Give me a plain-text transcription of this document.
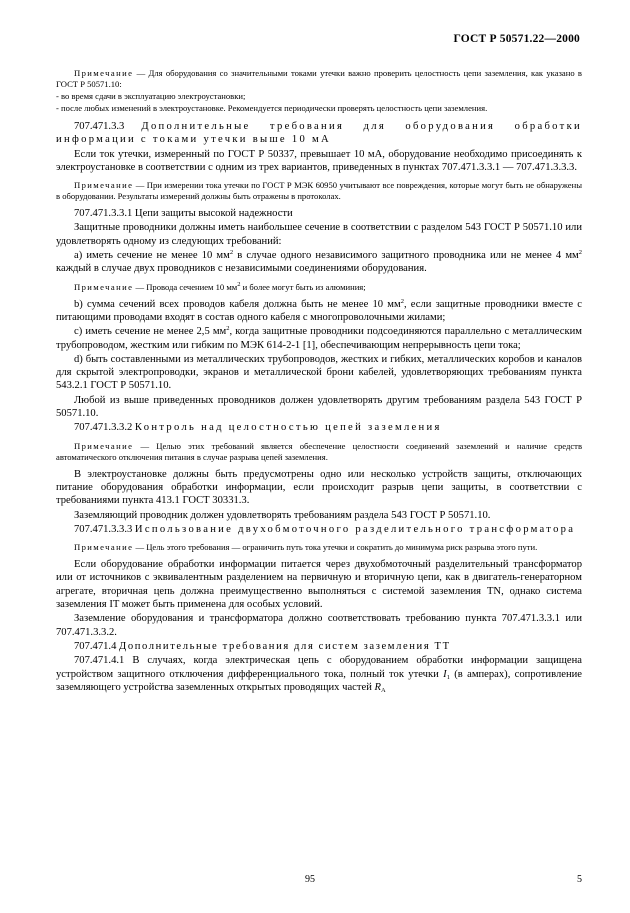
ГОСТ Р 50571.22—2000

Примечание — Для оборудования со значительными токами утечки важно проверить целостность цепи заземления, как указано в ГОСТ Р 50571.10:

- во время сдачи в эксплуатацию электроустановки;

- после любых изменений в электроустановке. Рекомендуется периодически проверять целостность цепи заземления.

707.471.3.3 Дополнительные требования для оборудования обработки информации с токами утечки выше 10 мА

Если ток утечки, измеренный по ГОСТ Р 50337, превышает 10 мА, оборудование необходимо присоединять к электроустановке в соответствии с одним из трех вариантов, приведенных в пунктах 707.471.3.3.1 — 707.471.3.3.3.

Примечание — При измерении тока утечки по ГОСТ Р МЭК 60950 учитывают все повреждения, которые могут быть не обнаружены в оборудовании. Результаты измерений должны быть отражены в протоколах.

707.471.3.3.1 Цепи защиты высокой надежности

Защитные проводники должны иметь наибольшее сечение в соответствии с разделом 543 ГОСТ Р 50571.10 или удовлетворять одному из следующих требований:

а) иметь сечение не менее 10 $мм^2$ в случае одного независимого защитного проводника или не менее 4 $мм^2$ каждый в случае двух проводников с независимыми соединениями оборудования.

Примечание — Провода сечением 10 $мм^2$ и более могут быть из алюминия;

b) сумма сечений всех проводов кабеля должна быть не менее 10 $мм^2$, если защитные проводники вместе с питающими проводами входят в состав одного кабеля с многопроволочными жилами;

c) иметь сечение не менее 2,5 $мм^2$, когда защитные проводники подсоединяются параллельно с металлическим трубопроводом, жестким или гибким по МЭК 614-2-1 [1], обеспечивающим непрерывность цепи тока;

d) быть составленными из металлических трубопроводов, жестких и гибких, металлических коробов и каналов для скрытой электропроводки, экранов и металлической брони кабелей, удовлетворяющих требованиям пункта 543.2.1 ГОСТ Р 50571.10.

Любой из выше приведенных проводников должен удовлетворять другим требованиям раздела 543 ГОСТ Р 50571.10.

707.471.3.3.2 Контроль над целостностью цепей заземления

Примечание — Целью этих требований является обеспечение целостности соединений заземлений и наличие средств автоматического отключения питания в случае разрыва цепей заземления.

В электроустановке должны быть предусмотрены одно или несколько устройств защиты, отключающих питание оборудования обработки информации, если происходит разрыв цепи защиты, в соответствии с требованиями пункта 413.1 ГОСТ 30331.3.

Заземляющий проводник должен удовлетворять требованиям раздела 543 ГОСТ Р 50571.10.

707.471.3.3.3 Использование двухобмоточного разделительного трансформатора

Примечание — Цель этого требования — ограничить путь тока утечки и сократить до минимума риск разрыва этого пути.

Если оборудование обработки информации питается через двухобмоточный разделительный трансформатор или от источников с эквивалентным разделением на первичную и вторичную цепи, как в двигатель-генераторном агрегате, вторичная цепь должна преимущественно выполняться с системой заземления TN, однако система заземления IT может быть применена для особых условий.

Заземление оборудования и трансформатора должно соответствовать требованию пункта 707.471.3.3.1 или 707.471.3.3.2.

707.471.4 Дополнительные требования для систем заземления ТТ

707.471.4.1 В случаях, когда электрическая цепь с оборудованием обработки информации защищена устройством защитного отключения дифференциального тока, полный ток утечки $I_1$ (в амперах), сопротивление заземляющего устройства заземленных открытых проводящих частей $R_A$

95	5
